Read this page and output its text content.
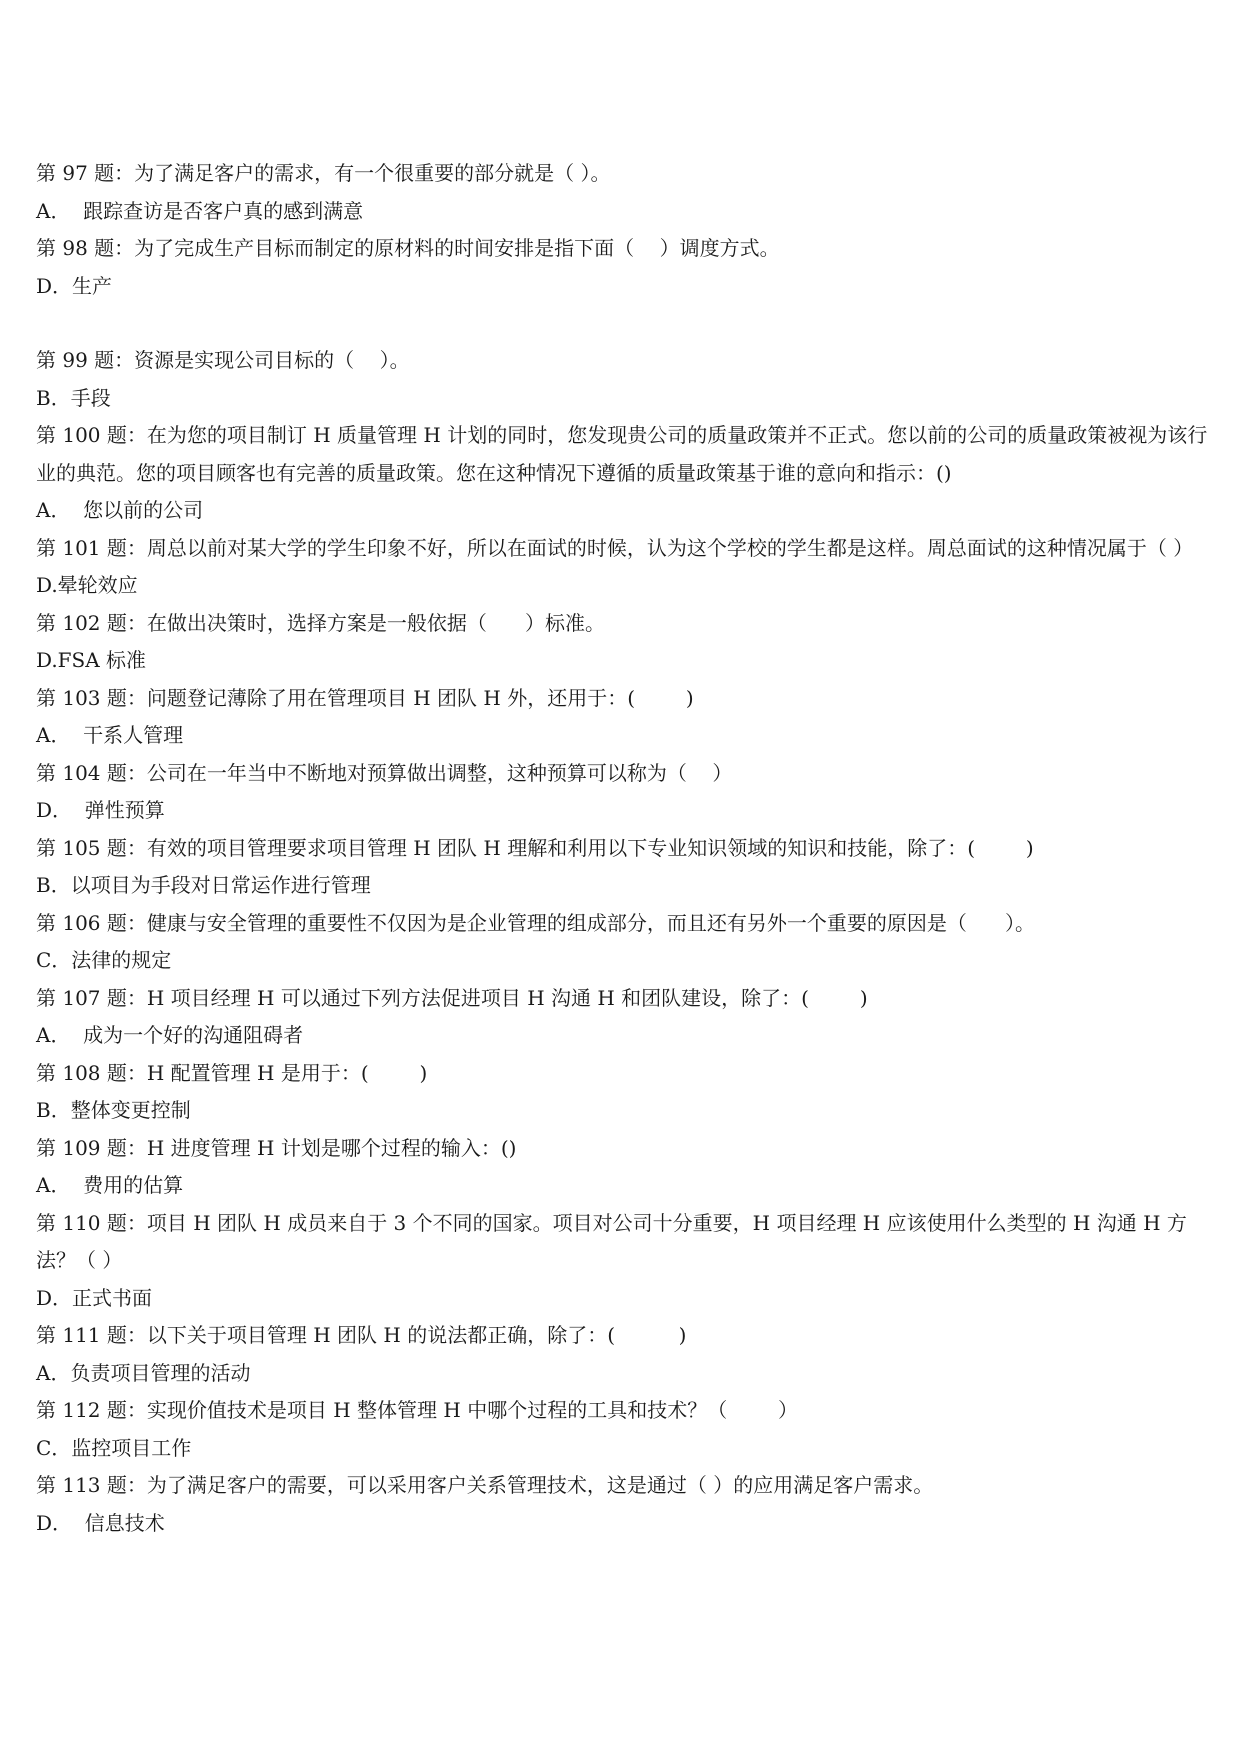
第 97 题：为了满足客户的需求，有一个很重要的部分就是（ ）。
A．  跟踪查访是否客户真的感到满意
第 98 题：为了完成生产目标而制定的原材料的时间安排是指下面（    ）调度方式。
D．生产
第 99 题：资源是实现公司目标的（    ）。
B．手段
第 100 题：在为您的项目制订 H 质量管理 H 计划的同时，您发现贵公司的质量政策并不正式。您以前的公司的质量政策被视为该行业的典范。您的项目顾客也有完善的质量政策。您在这种情况下遵循的质量政策基于谁的意向和指示：()
A．  您以前的公司
第 101 题：周总以前对某大学的学生印象不好，所以在面试的时候，认为这个学校的学生都是这样。周总面试的这种情况属于（ ）
D.晕轮效应
第 102 题：在做出决策时，选择方案是一般依据（      ）标准。
D.FSA 标准
第 103 题：问题登记薄除了用在管理项目 H 团队 H 外，还用于：(        )
A．  干系人管理
第 104 题：公司在一年当中不断地对预算做出调整，这种预算可以称为（    ）
D．  弹性预算
第 105 题：有效的项目管理要求项目管理 H 团队 H 理解和利用以下专业知识领域的知识和技能，除了：(        )
B．以项目为手段对日常运作进行管理
第 106 题：健康与安全管理的重要性不仅因为是企业管理的组成部分，而且还有另外一个重要的原因是（      ）。
C．法律的规定
第 107 题：H 项目经理 H 可以通过下列方法促进项目 H 沟通 H 和团队建设，除了：(        )
A．  成为一个好的沟通阻碍者
第 108 题：H 配置管理 H 是用于：(        )
B．整体变更控制
第 109 题：H 进度管理 H 计划是哪个过程的输入：()
A．  费用的估算
第 110 题：项目 H 团队 H 成员来自于 3 个不同的国家。项目对公司十分重要，H 项目经理 H 应该使用什么类型的 H 沟通 H 方法？（ ）
D．正式书面
第 111 题：以下关于项目管理 H 团队 H 的说法都正确，除了：(          )
A．负责项目管理的活动
第 112 题：实现价值技术是项目 H 整体管理 H 中哪个过程的工具和技术？（        ）
C．监控项目工作
第 113 题：为了满足客户的需要，可以采用客户关系管理技术，这是通过（ ）的应用满足客户需求。
D．  信息技术
